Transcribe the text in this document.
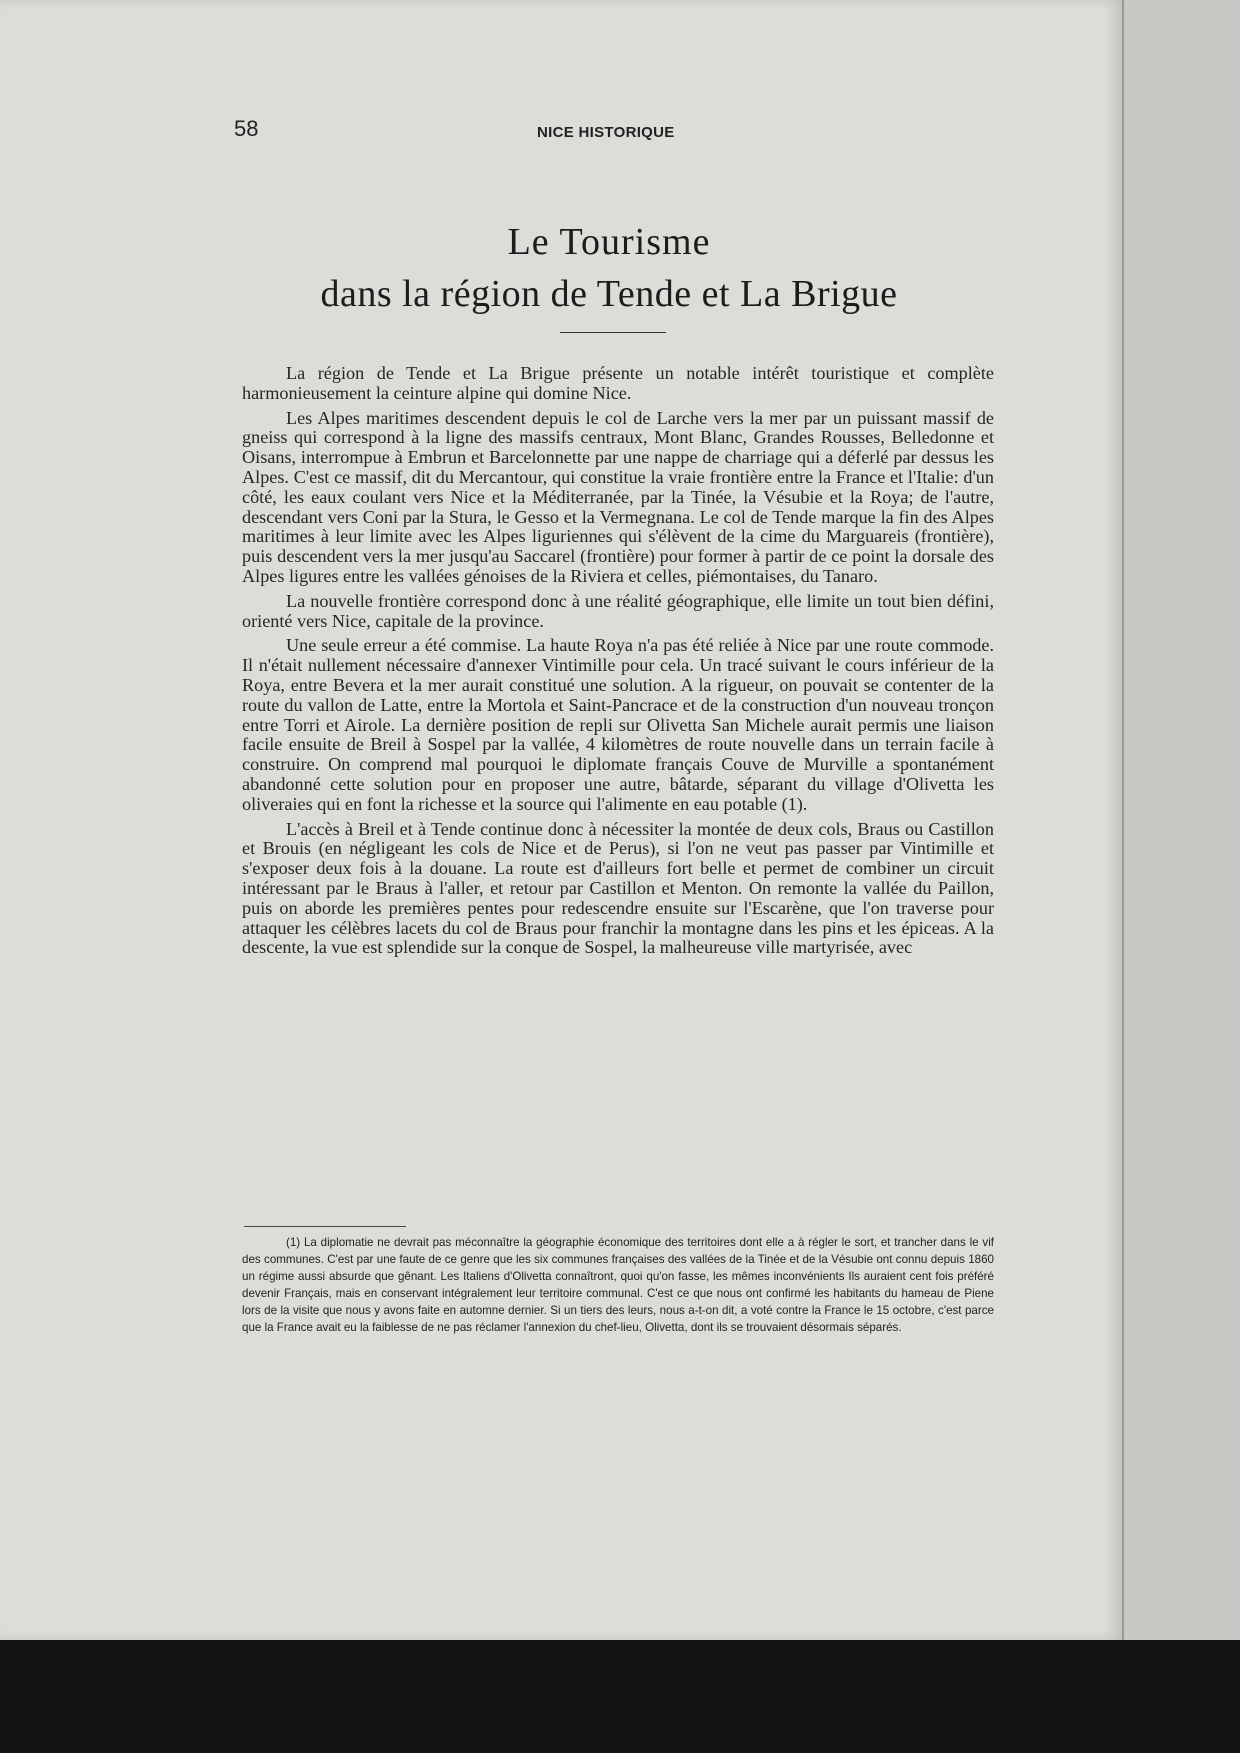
58	NICE HISTORIQUE
Le Tourisme
dans la région de Tende et La Brigue

La région de Tende et La Brigue présente un notable intérêt touristique et complète harmonieusement la ceinture alpine qui domine Nice.

Les Alpes maritimes descendent depuis le col de Larche vers la mer par un puissant massif de gneiss qui correspond à la ligne des massifs centraux, Mont Blanc, Grandes Rousses, Belledonne et Oisans, interrompue à Embrun et Barcelonnette par une nappe de charriage qui a déferlé par dessus les Alpes. C'est ce massif, dit du Mercantour, qui constitue la vraie frontière entre la France et l'Italie: d'un côté, les eaux coulant vers Nice et la Méditerranée, par la Tinée, la Vésubie et la Roya; de l'autre, descendant vers Coni par la Stura, le Gesso et la Vermegnana. Le col de Tende marque la fin des Alpes maritimes à leur limite avec les Alpes liguriennes qui s'élèvent de la cime du Marguareis (frontière), puis descendent vers la mer jusqu'au Saccarel (frontière) pour former à partir de ce point la dorsale des Alpes ligures entre les vallées génoises de la Riviera et celles, piémontaises, du Tanaro.

La nouvelle frontière correspond donc à une réalité géographique, elle limite un tout bien défini, orienté vers Nice, capitale de la province.

Une seule erreur a été commise. La haute Roya n'a pas été reliée à Nice par une route commode. Il n'était nullement nécessaire d'annexer Vintimille pour cela. Un tracé suivant le cours inférieur de la Roya, entre Bevera et la mer aurait constitué une solution. A la rigueur, on pouvait se contenter de la route du vallon de Latte, entre la Mortola et Saint-Pancrace et de la construction d'un nouveau tronçon entre Torri et Airole. La dernière position de repli sur Olivetta San Michele aurait permis une liaison facile ensuite de Breil à Sospel par la vallée, 4 kilomètres de route nouvelle dans un terrain facile à construire. On comprend mal pourquoi le diplomate français Couve de Murville a spontanément abandonné cette solution pour en proposer une autre, bâtarde, séparant du village d'Olivetta les oliveraies qui en font la richesse et la source qui l'alimente en eau potable (1).

L'accès à Breil et à Tende continue donc à nécessiter la montée de deux cols, Braus ou Castillon et Brouis (en négligeant les cols de Nice et de Perus), si l'on ne veut pas passer par Vintimille et s'exposer deux fois à la douane. La route est d'ailleurs fort belle et permet de combiner un circuit intéressant par le Braus à l'aller, et retour par Castillon et Menton. On remonte la vallée du Paillon, puis on aborde les premières pentes pour redescendre ensuite sur l'Escarène, que l'on traverse pour attaquer les célèbres lacets du col de Braus pour franchir la montagne dans les pins et les épiceas. A la descente, la vue est splendide sur la conque de Sospel, la malheureuse ville martyrisée, avec

(1) La diplomatie ne devrait pas méconnaître la géographie économique des territoires dont elle a à régler le sort, et trancher dans le vif des communes. C'est par une faute de ce genre que les six communes françaises des vallées de la Tinée et de la Vésubie ont connu depuis 1860 un régime aussi absurde que gênant. Les Italiens d'Olivetta connaîtront, quoi qu'on fasse, les mêmes inconvénients Ils auraient cent fois préféré devenir Français, mais en conservant intégralement leur territoire communal. C'est ce que nous ont confirmé les habitants du hameau de Piene lors de la visite que nous y avons faite en automne dernier. Si un tiers des leurs, nous a-t-on dit, a voté contre la France le 15 octobre, c'est parce que la France avait eu la faiblesse de ne pas réclamer l'annexion du chef-lieu, Olivetta, dont ils se trouvaient désormais séparés.
